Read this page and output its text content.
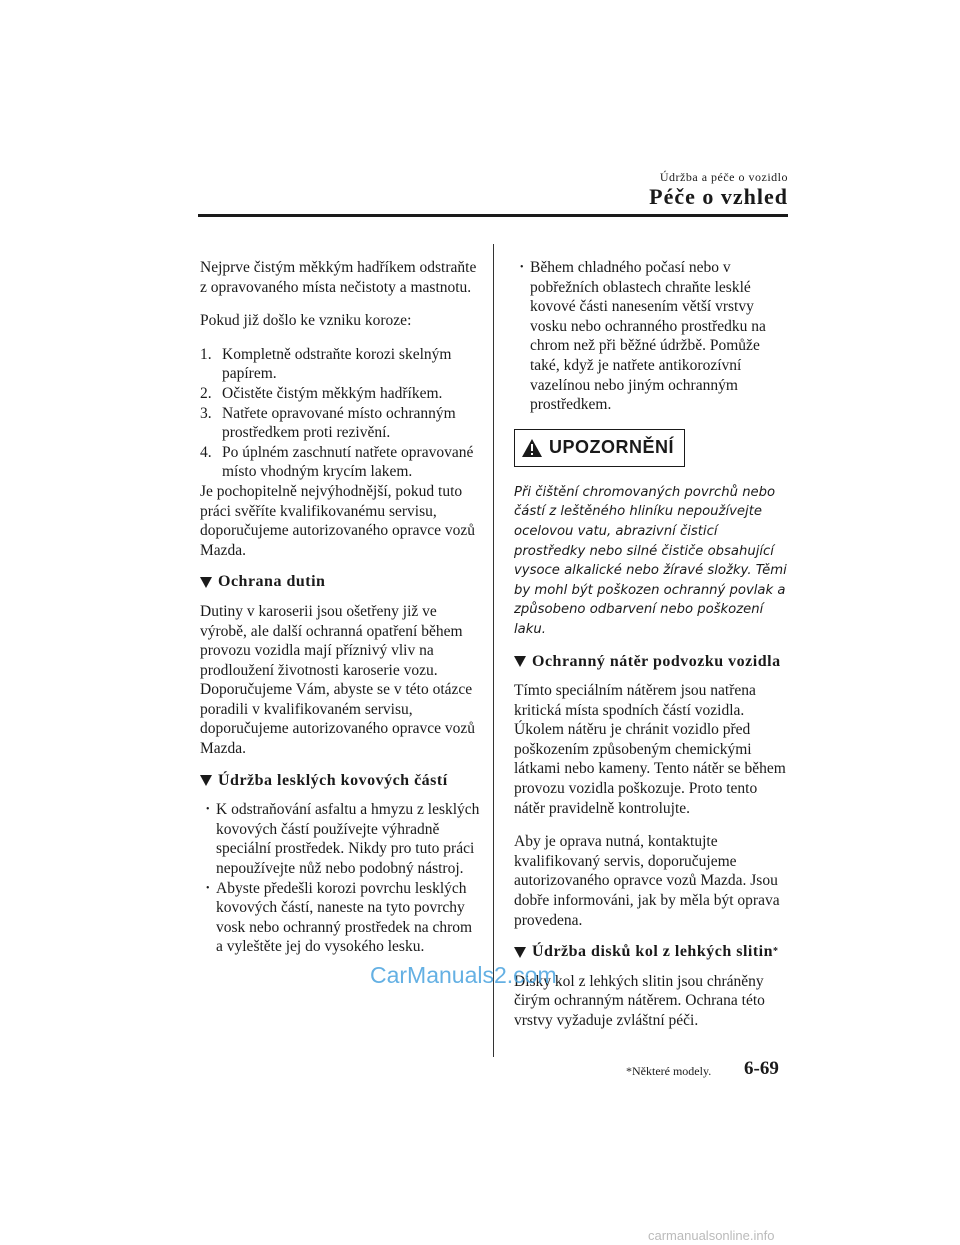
Údržba a péče o vozidlo
Péče o vzhled

Nejprve čistým měkkým hadříkem odstraňte z opravovaného místa nečistoty a mastnotu.

Pokud již došlo ke vzniku koroze:

1. Kompletně odstraňte korozi skelným papírem.
2. Očistěte čistým měkkým hadříkem.
3. Natřete opravované místo ochranným prostředkem proti rezivění.
4. Po úplném zaschnutí natřete opravované místo vhodným krycím lakem.

Je pochopitelně nejvýhodnější, pokud tuto práci svěříte kvalifikovanému servisu, doporučujeme autorizovaného opravce vozů Mazda.

Ochrana dutin

Dutiny v karoserii jsou ošetřeny již ve výrobě, ale další ochranná opatření během provozu vozidla mají příznivý vliv na prodloužení životnosti karoserie vozu. Doporučujeme Vám, abyste se v této otázce poradili v kvalifikovaném servisu, doporučujeme autorizovaného opravce vozů Mazda.

Údržba lesklých kovových částí
• K odstraňování asfaltu a hmyzu z lesklých kovových částí používejte výhradně speciální prostředek. Nikdy pro tuto práci nepoužívejte nůž nebo podobný nástroj.
• Abyste předešli korozi povrchu lesklých kovových částí, naneste na tyto povrchy vosk nebo ochranný prostředek na chrom a vyleštěte jej do vysokého lesku.
• Během chladného počasí nebo v pobřežních oblastech chraňte lesklé kovové části nanesením větší vrstvy vosku nebo ochranného prostředku na chrom než při běžné údržbě. Pomůže také, když je natřete antikorozívní vazelínou nebo jiným ochranným prostředkem.
UPOZORNĚNÍ

Při čištění chromovaných povrchů nebo částí z leštěného hliníku nepoužívejte ocelovou vatu, abrazivní čisticí prostředky nebo silné čističe obsahující vysoce alkalické nebo žíravé složky. Těmi by mohl být poškozen ochranný povlak a způsobeno odbarvení nebo poškození laku.

Ochranný nátěr podvozku vozidla

Tímto speciálním nátěrem jsou natřena kritická místa spodních částí vozidla. Úkolem nátěru je chránit vozidlo před poškozením způsobeným chemickými látkami nebo kameny. Tento nátěr se během provozu vozidla poškozuje. Proto tento nátěr pravidelně kontrolujte.

Aby je oprava nutná, kontaktujte kvalifikovaný servis, doporučujeme autorizovaného opravce vozů Mazda. Jsou dobře informováni, jak by měla být oprava provedena.

Údržba disků kol z lehkých slitin *

Disky kol z lehkých slitin jsou chráněny čirým ochranným nátěrem. Ochrana této vrstvy vyžaduje zvláštní péči.

CarManuals2.com
*Některé modely. 6-69
carmanualsonline.info
